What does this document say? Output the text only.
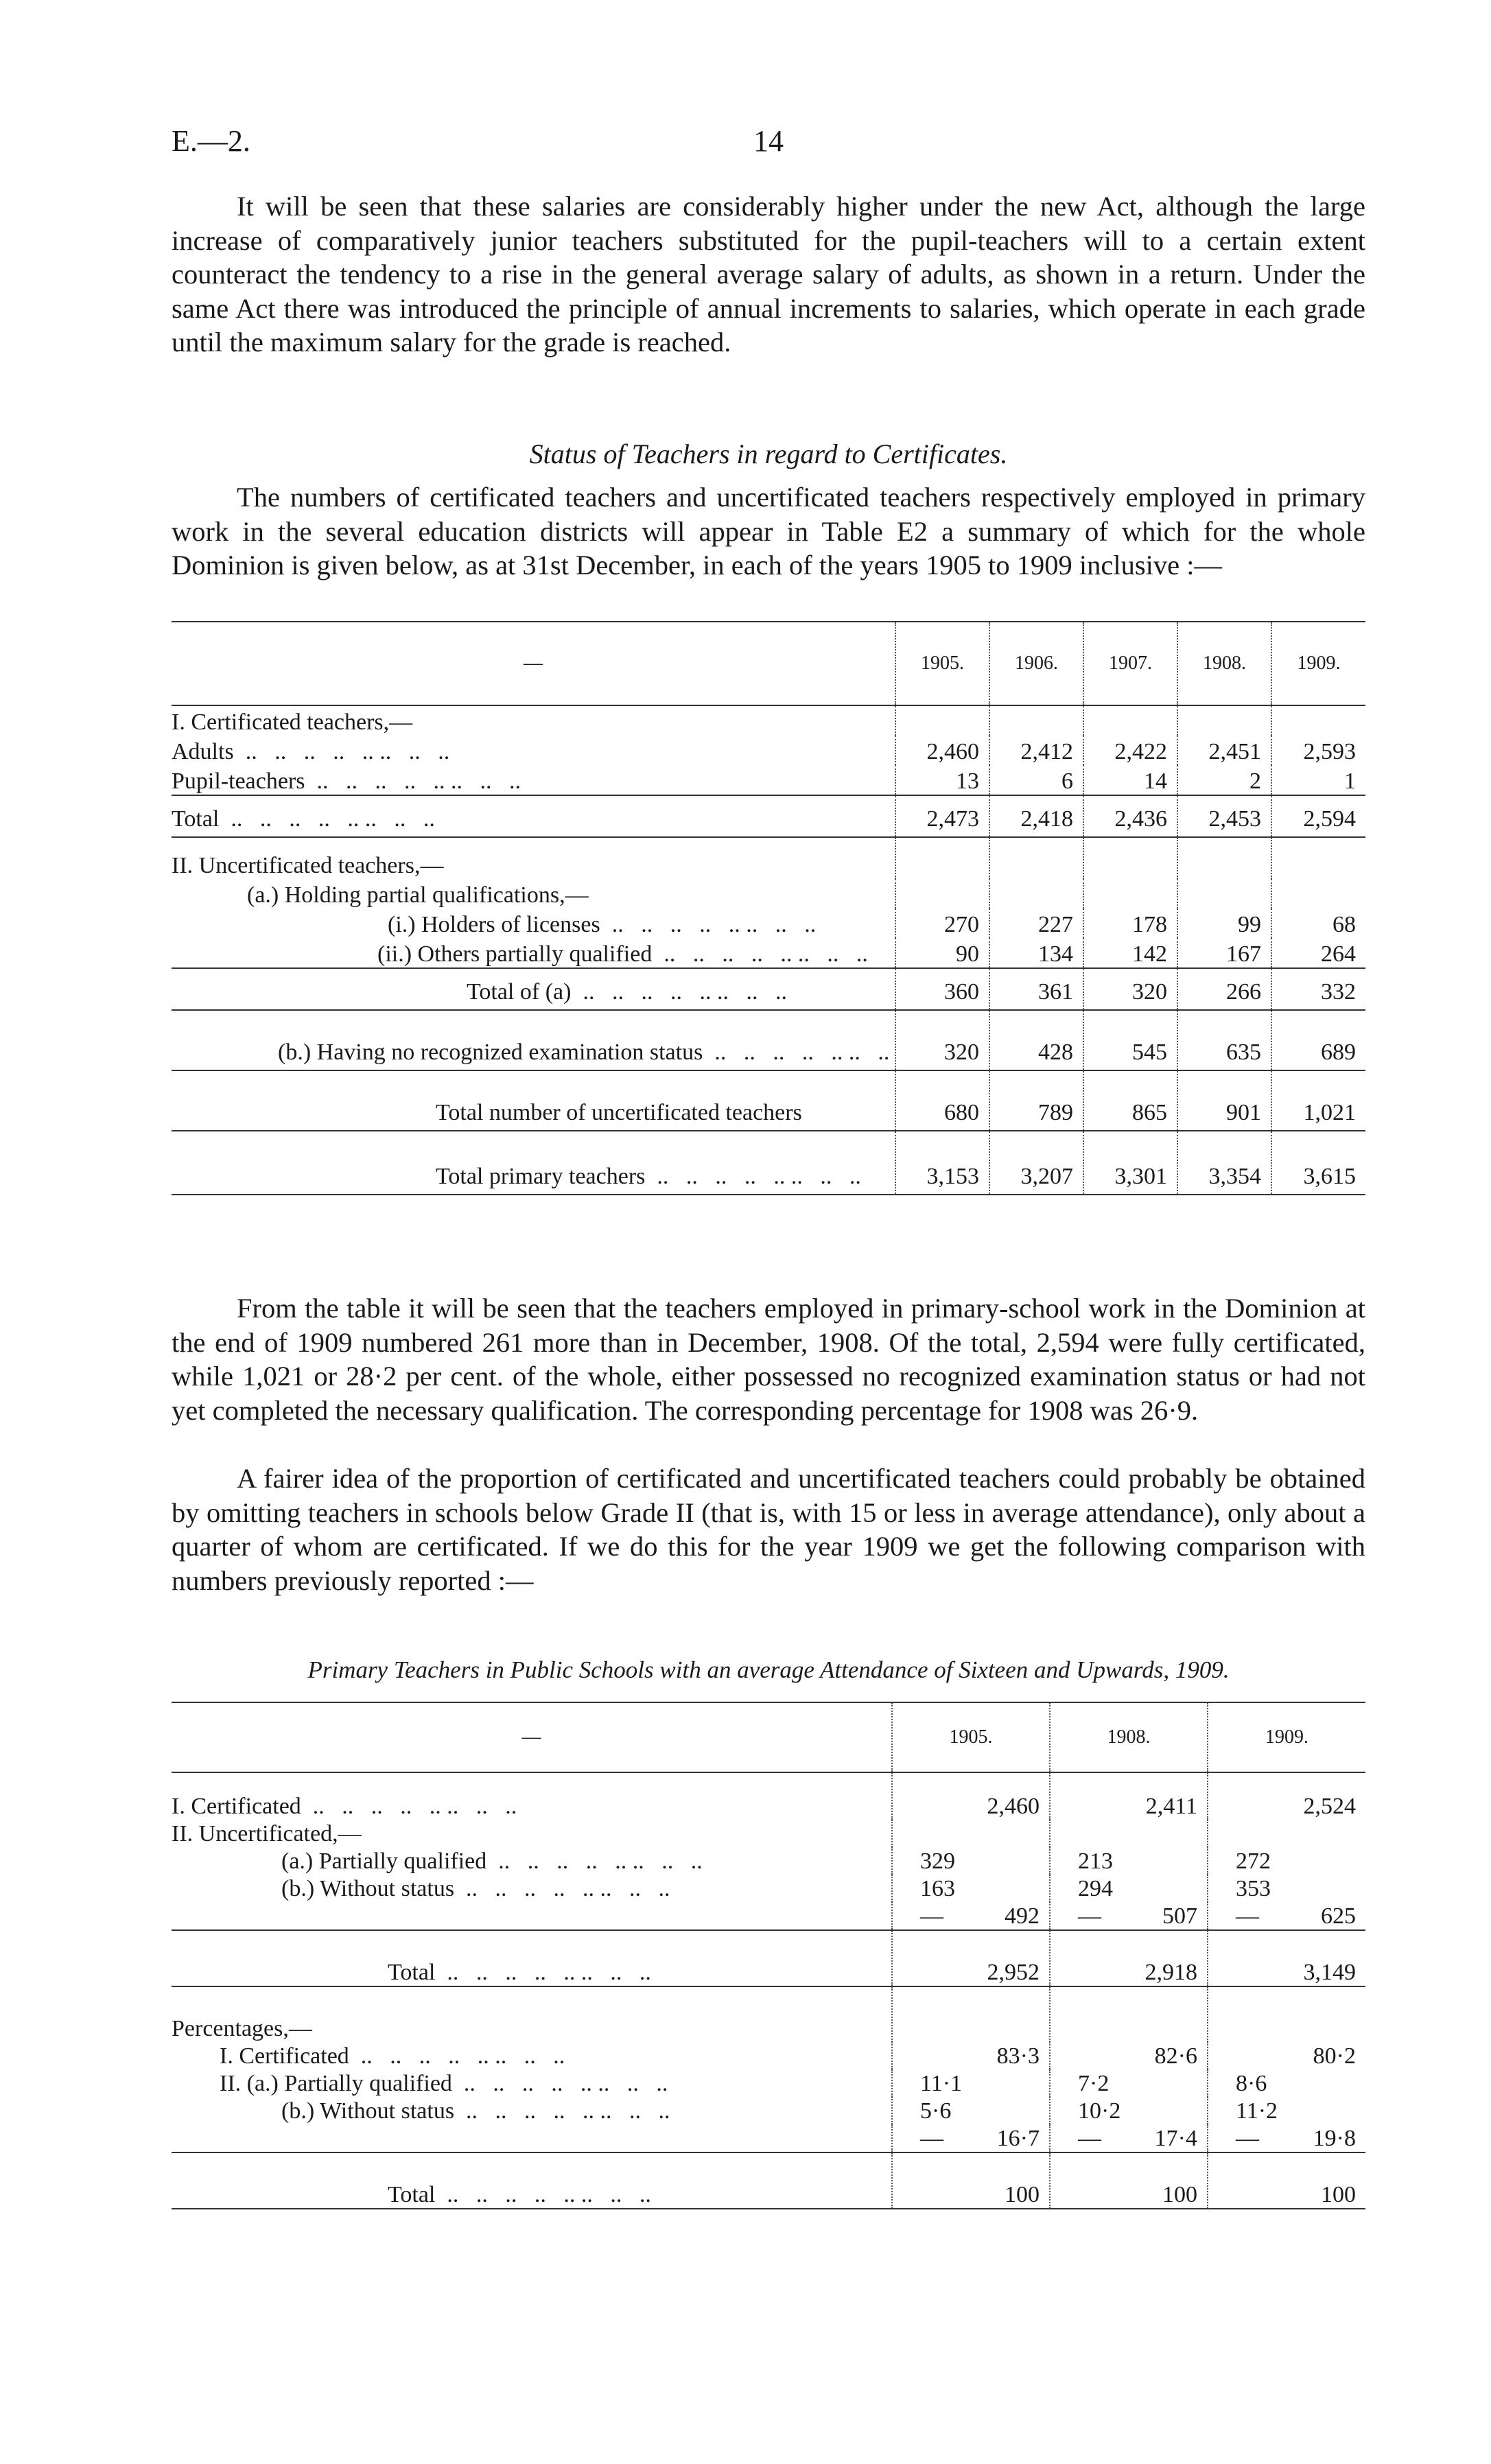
E.—2.	14

It will be seen that these salaries are considerably higher under the new Act, although the large increase of comparatively junior teachers substituted for the pupil-teachers will to a certain extent counteract the tendency to a rise in the general average salary of adults, as shown in a return. Under the same Act there was introduced the principle of annual increments to salaries, which operate in each grade until the maximum salary for the grade is reached.

Status of Teachers in regard to Certificates.

The numbers of certificated teachers and uncertificated teachers respectively employed in primary work in the several education districts will appear in Table E2 a summary of which for the whole Dominion is given below, as at 31st December, in each of the years 1905 to 1909 inclusive :—

—	1905.	1906.	1907.	1908.	1909.
I. Certificated teachers,—					
Adults ..	2,460	2,412	2,422	2,451	2,593
Pupil-teachers ..	13	6	14	2	1
Total ..	2,473	2,418	2,436	2,453	2,594
II. Uncertificated teachers,—					
(a.) Holding partial qualifications,—					
(i.) Holders of licenses ..	270	227	178	99	68
(ii.) Others partially qualified ..	90	134	142	167	264
Total of (a) ..	360	361	320	266	332
(b.) Having no recognized examination status ..	320	428	545	635	689
Total number of uncertificated teachers	680	789	865	901	1,021
Total primary teachers ..	3,153	3,207	3,301	3,354	3,615

From the table it will be seen that the teachers employed in primary-school work in the Dominion at the end of 1909 numbered 261 more than in December, 1908. Of the total, 2,594 were fully certificated, while 1,021 or 28·2 per cent. of the whole, either possessed no recognized examination status or had not yet completed the necessary qualification. The corresponding percentage for 1908 was 26·9.

A fairer idea of the proportion of certificated and uncertificated teachers could probably be obtained by omitting teachers in schools below Grade II (that is, with 15 or less in average attendance), only about a quarter of whom are certificated. If we do this for the year 1909 we get the following comparison with numbers previously reported :—

Primary Teachers in Public Schools with an average Attendance of Sixteen and Upwards, 1909.
—	1905.	1908.	1909.
I. Certificated ..	2,460	2,411	2,524
II. Uncertificated,—			
(a.) Partially qualified ..	329	213	272
(b.) Without status ..	163	294	353

	— 492	— 507	— 625
Total ..	2,952	2,918	3,149
Percentages,—			
I. Certificated ..	83·3	82·6	80·2
II. (a.) Partially qualified ..	11·1	7·2	8·6
(b.) Without status ..	5·6	10·2	11·2

	— 16·7	— 17·4	— 19·8
Total ..	100	100	100
